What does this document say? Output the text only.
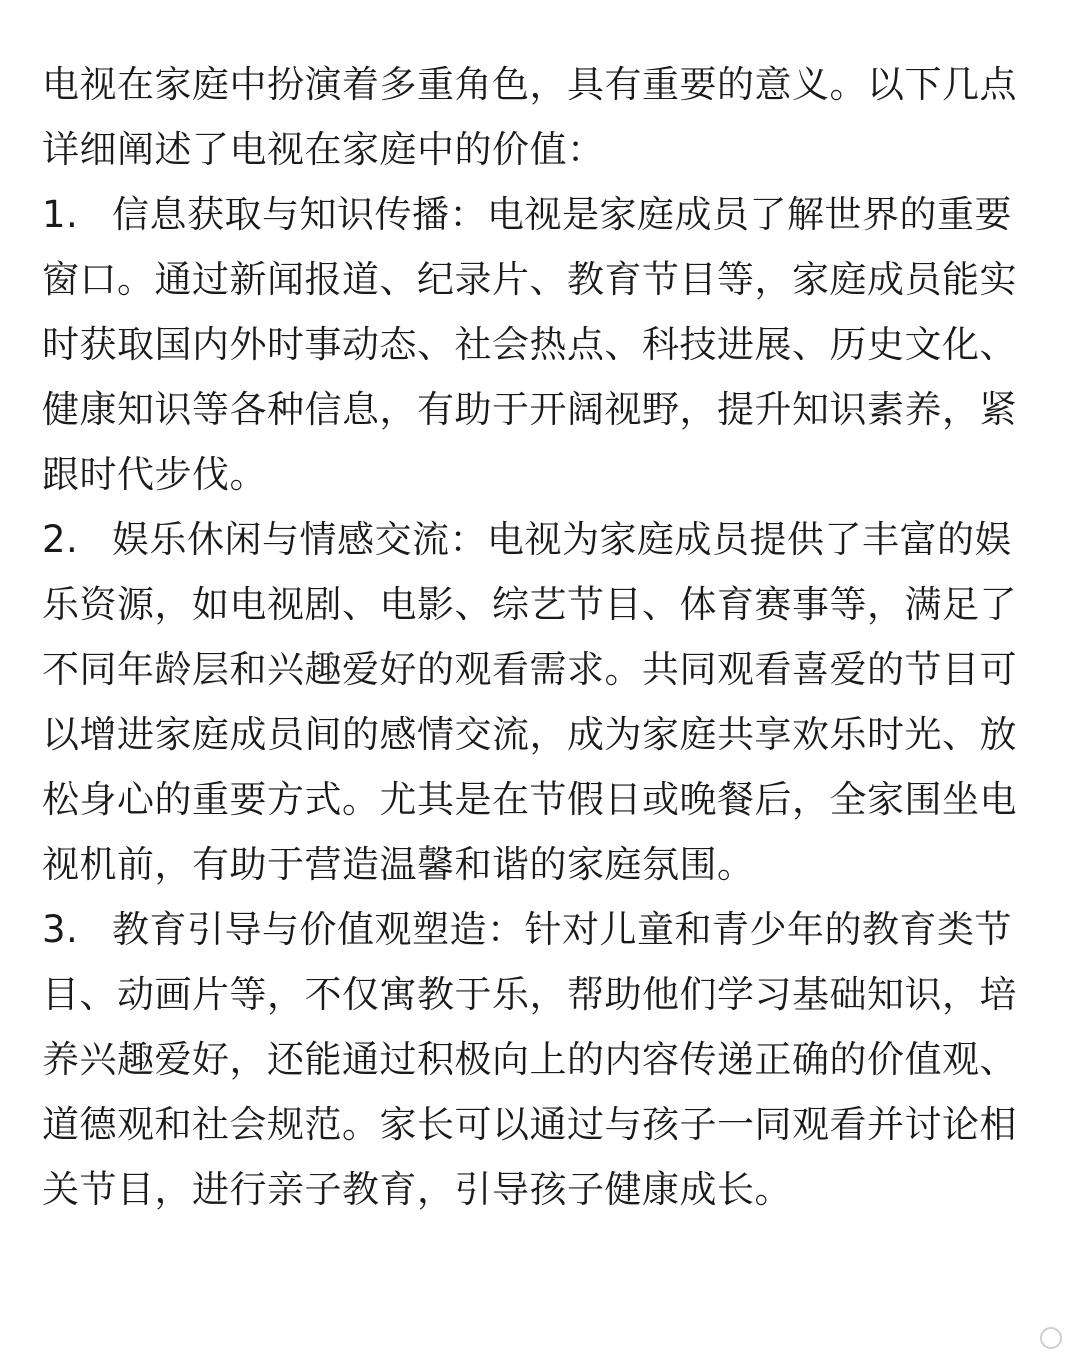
电视在家庭中扮演着多重角色，具有重要的意义。以下几点详细阐述了电视在家庭中的价值：

1. 信息获取与知识传播：电视是家庭成员了解世界的重要窗口。通过新闻报道、纪录片、教育节目等，家庭成员能实时获取国内外时事动态、社会热点、科技进展、历史文化、健康知识等各种信息，有助于开阔视野，提升知识素养，紧跟时代步伐。
2. 娱乐休闲与情感交流：电视为家庭成员提供了丰富的娱乐资源，如电视剧、电影、综艺节目、体育赛事等，满足了不同年龄层和兴趣爱好的观看需求。共同观看喜爱的节目可以增进家庭成员间的感情交流，成为家庭共享欢乐时光、放松身心的重要方式。尤其是在节假日或晚餐后，全家围坐电视机前，有助于营造温馨和谐的家庭氛围。
3. 教育引导与价值观塑造：针对儿童和青少年的教育类节目、动画片等，不仅寓教于乐，帮助他们学习基础知识，培养兴趣爱好，还能通过积极向上的内容传递正确的价值观、道德观和社会规范。家长可以通过与孩子一同观看并讨论相关节目，进行亲子教育，引导孩子健康成长。
